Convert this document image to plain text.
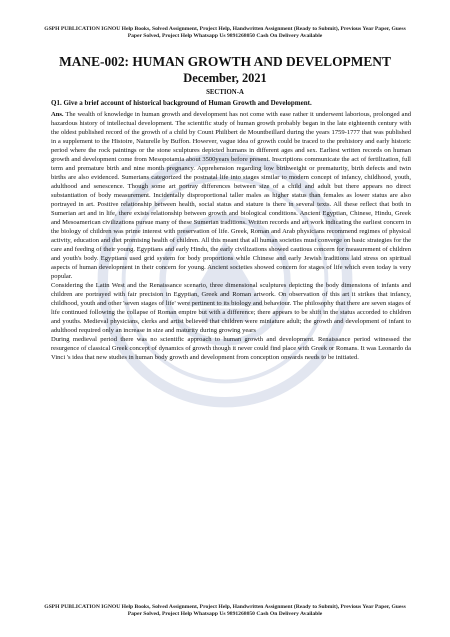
GSPH PUBLICATION IGNOU Help Books, Solved Assignment, Project Help, Handwritten Assignment (Ready to Submit), Previous Year Paper, Guess Paper Solved, Project Help Whatsapp Us 9891268050 Cash On Delivery Available
MANE-002: HUMAN GROWTH AND DEVELOPMENT
December, 2021
SECTION-A
Q1. Give a brief account of historical background of Human Growth and Development.

Ans. The wealth of knowledge in human growth and development has not come with ease rather it underwent laborious, prolonged and hazardous history of intellectual development. The scientific study of human growth probably began in the late eighteenth century with the oldest published record of the growth of a child by Count Philibert de Mountbeillard during the years 1759-1777 that was published in a supplement to the Histoire, Naturelle by Buffon. However, vague idea of growth could be traced to the prehistory and early historic period where the rock paintings or the stone sculptures depicted humans in different ages and sex. Earliest written records on human growth and development come from Mesopotamia about 3500years before present. Inscriptions communicate the act of fertilization, full term and premature birth and nine month pregnancy. Apprehension regarding low birthweight or prematurity, birth defects and twin births are also evidenced. Sumerians categorized the postnatal life into stages similar to modern concept of infancy, childhood, youth, adulthood and senescence. Though some art portray differences between size of a child and adult but there appears no direct substantiation of body measurement. Incidentally disproportional taller males as higher status than females as lower status are also portrayed in art. Positive relationship between health, social status and stature is there in several texts. All these reflect that both in Sumerian art and in life, there exists relationship between growth and biological conditions. Ancient Egyptian, Chinese, Hindu, Greek and Mesoamerican civilizations pursue many of these Sumerian traditions. Written records and art work indicating the earliest concern in the biology of children was prime interest with preservation of life. Greek, Roman and Arab physicians recommend regimes of physical activity, education and diet promising health of children. All this meant that all human societies must converge on basic strategies for the care and feeding of their young. Egyptians and early Hindu, the early civilizations showed cautious concern for measurement of children and youth's body. Egyptians used grid system for body proportions while Chinese and early Jewish traditions laid stress on spiritual aspects of human development in their concern for young. Ancient societies showed concern for stages of life which even today is very popular.

Considering the Latin West and the Renaissance scenario, three dimensional sculptures depicting the body dimensions of infants and children are portrayed with fair precision in Egyptian, Greek and Roman artwork. On observation of this art it strikes that infancy, childhood, youth and other 'seven stages of life' were pertinent to its biology and behaviour. The philosophy that there are seven stages of life continued following the collapse of Roman empire but with a difference; there appears to be shift in the status accorded to children and youths. Medieval physicians, clerks and artist believed that children were miniature adult; the growth and development of infant to adulthood required only an increase in size and maturity during growing years

During medieval period there was no scientific approach to human growth and development. Renaissance period witnessed the resurgence of classical Greek concept of dynamics of growth though it never could find place with Greek or Romans. It was Leonardo da Vinci 's idea that new studies in human body growth and development from conception onwards needs to be initiated.

GSPH PUBLICATION IGNOU Help Books, Solved Assignment, Project Help, Handwritten Assignment (Ready to Submit), Previous Year Paper, Guess Paper Solved, Project Help Whatsapp Us 9891268050 Cash On Delivery Available
